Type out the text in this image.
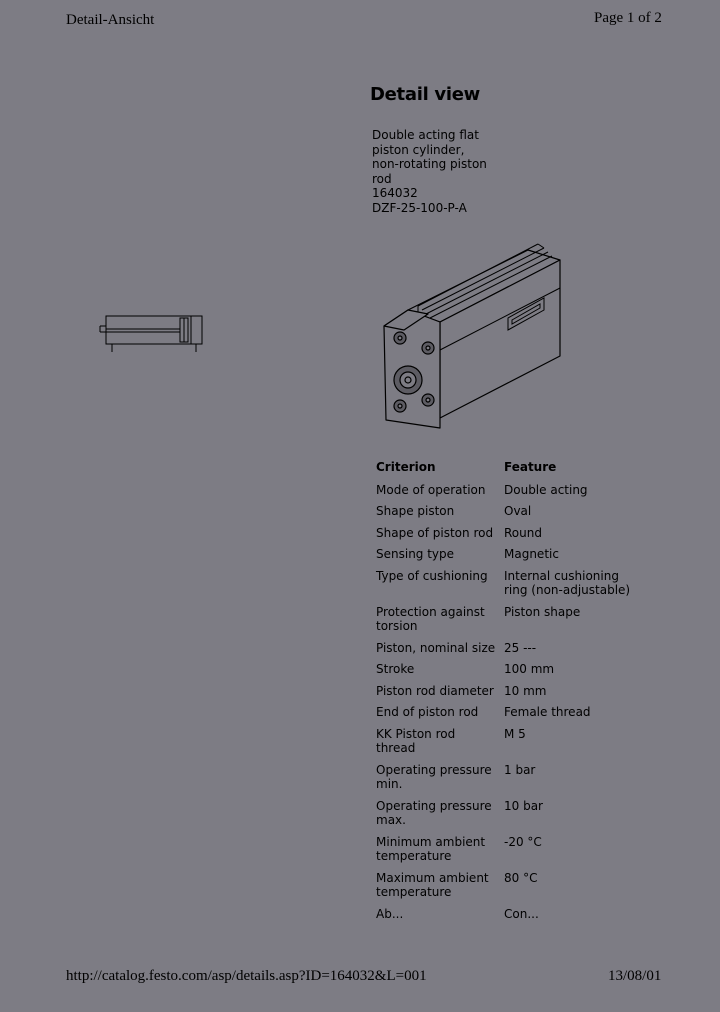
Detail-Ansicht	Page 1 of 2
Detail view
Double acting flat
piston cylinder,
non-rotating piston
rod
164032
DZF-25-100-P-A
Criterion	Feature
Mode of operation	Double acting
Shape piston	Oval
Shape of piston rod	Round
Sensing type	Magnetic
Type of cushioning	Internal cushioning ring (non-adjustable)
Protection against torsion	Piston shape
Piston, nominal size	25 ---
Stroke	100 mm
Piston rod diameter	10 mm
End of piston rod	Female thread
KK Piston rod thread	M 5
Operating pressure min.	1 bar
Operating pressure max.	10 bar
Minimum ambient temperature	-20 °C
Maximum ambient temperature	80 °C
Ab...	Con...
http://catalog.festo.com/asp/details.asp?ID=164032&L=001	13/08/01
